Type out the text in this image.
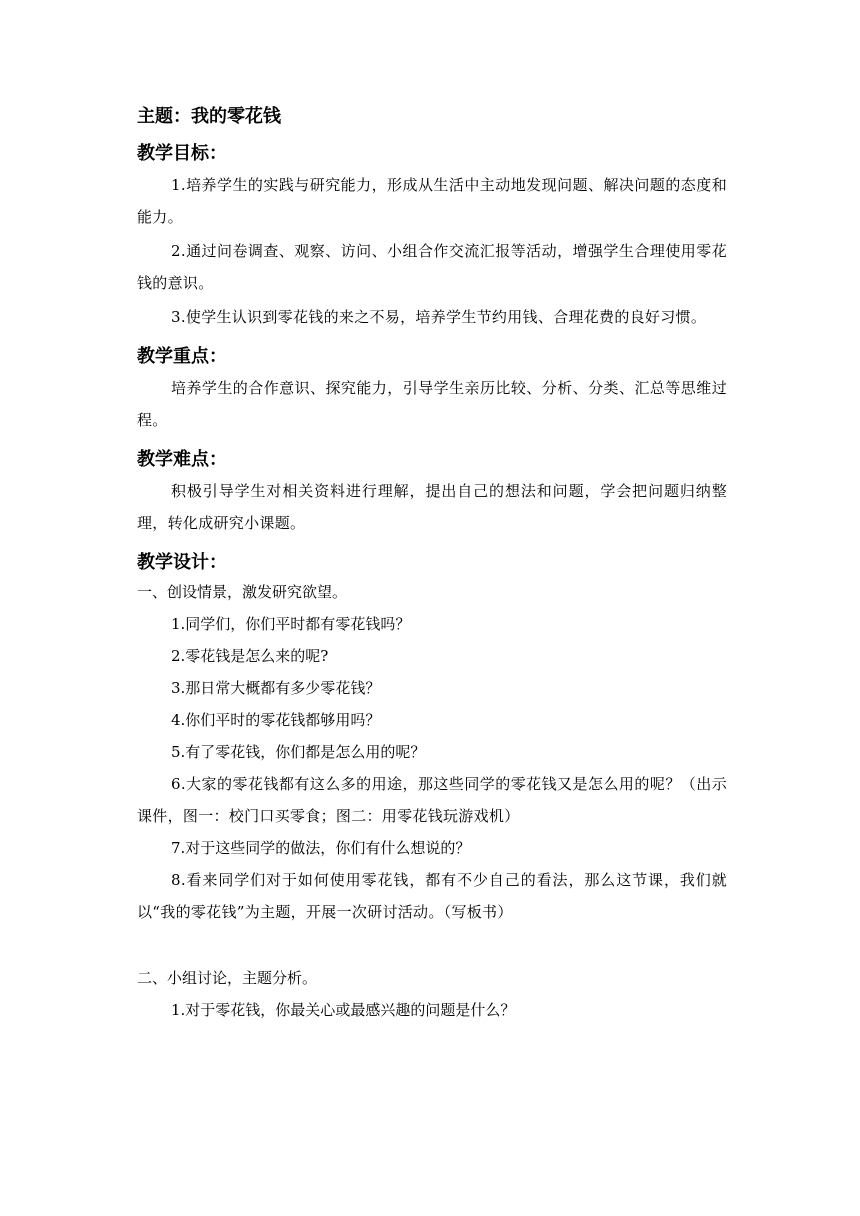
主题：我的零花钱
教学目标：

1.培养学生的实践与研究能力，形成从生活中主动地发现问题、解决问题的态度和能力。

2.通过问卷调查、观察、访问、小组合作交流汇报等活动，增强学生合理使用零花钱的意识。

3.使学生认识到零花钱的来之不易，培养学生节约用钱、合理花费的良好习惯。

教学重点：

培养学生的合作意识、探究能力，引导学生亲历比较、分析、分类、汇总等思维过程。

教学难点：

积极引导学生对相关资料进行理解，提出自己的想法和问题，学会把问题归纳整理，转化成研究小课题。

教学设计：

一、创设情景，激发研究欲望。

1.同学们，你们平时都有零花钱吗？

2.零花钱是怎么来的呢?

3.那日常大概都有多少零花钱？

4.你们平时的零花钱都够用吗？

5.有了零花钱，你们都是怎么用的呢？

6.大家的零花钱都有这么多的用途，那这些同学的零花钱又是怎么用的呢？（出示课件，图一：校门口买零食；图二：用零花钱玩游戏机）

7.对于这些同学的做法，你们有什么想说的？

8.看来同学们对于如何使用零花钱，都有不少自己的看法，那么这节课，我们就以“我的零花钱”为主题，开展一次研讨活动。（写板书）

二、小组讨论，主题分析。

1.对于零花钱，你最关心或最感兴趣的问题是什么？
